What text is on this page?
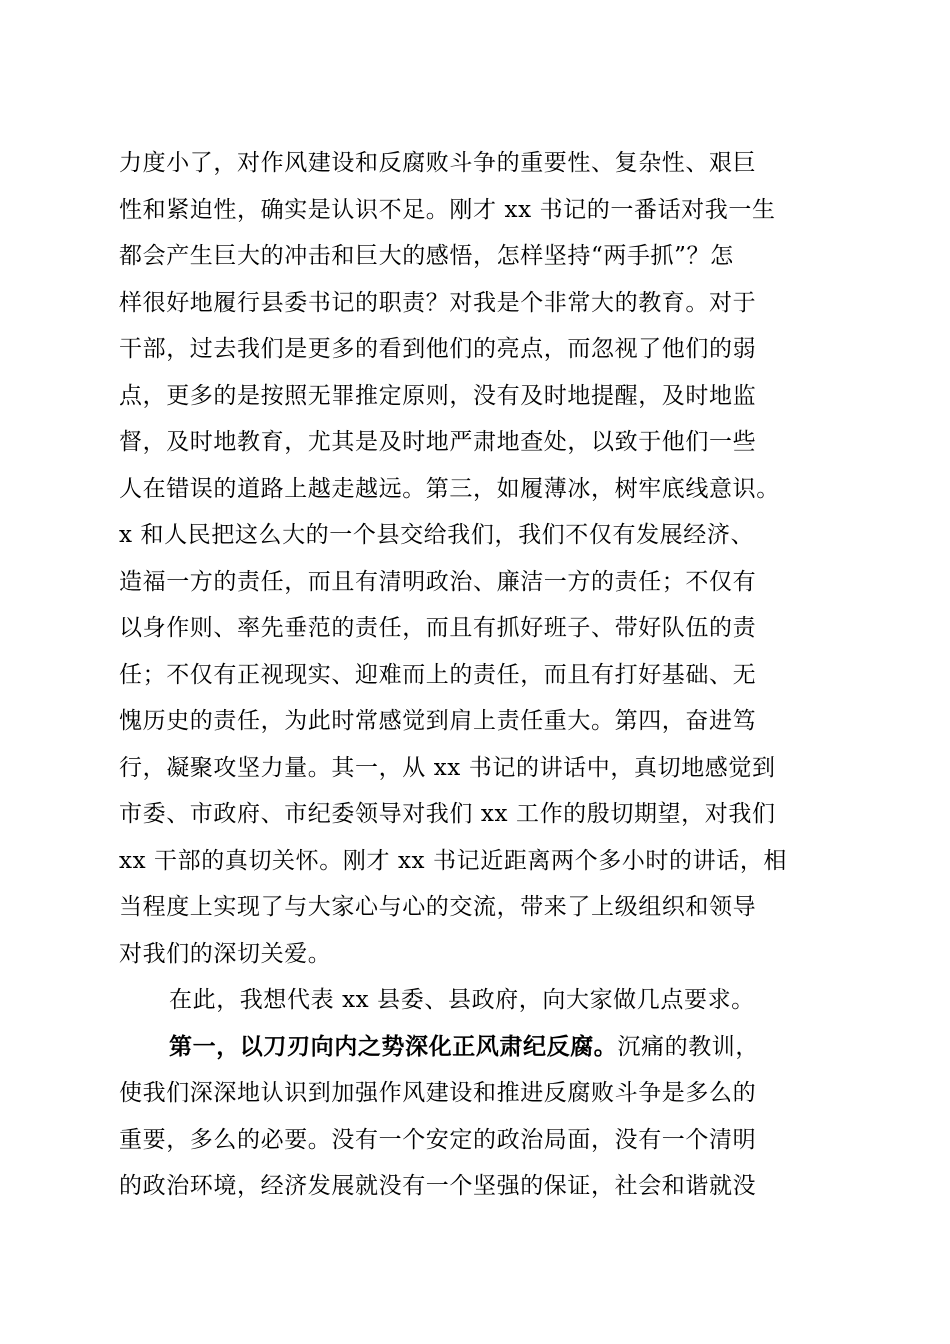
力度小了，对作风建设和反腐败斗争的重要性、复杂性、艰巨
性和紧迫性，确实是认识不足。刚才 xx 书记的一番话对我一生
都会产生巨大的冲击和巨大的感悟，怎样坚持“两手抓”？怎
样很好地履行县委书记的职责？对我是个非常大的教育。对于
干部，过去我们是更多的看到他们的亮点，而忽视了他们的弱
点，更多的是按照无罪推定原则，没有及时地提醒，及时地监
督，及时地教育，尤其是及时地严肃地查处，以致于他们一些
人在错误的道路上越走越远。第三，如履薄冰，树牢底线意识。
x 和人民把这么大的一个县交给我们，我们不仅有发展经济、
造福一方的责任，而且有清明政治、廉洁一方的责任；不仅有
以身作则、率先垂范的责任，而且有抓好班子、带好队伍的责
任；不仅有正视现实、迎难而上的责任，而且有打好基础、无
愧历史的责任，为此时常感觉到肩上责任重大。第四，奋进笃
行，凝聚攻坚力量。其一，从 xx 书记的讲话中，真切地感觉到
市委、市政府、市纪委领导对我们 xx 工作的殷切期望，对我们
xx 干部的真切关怀。刚才 xx 书记近距离两个多小时的讲话，相
当程度上实现了与大家心与心的交流，带来了上级组织和领导
对我们的深切关爱。
在此，我想代表 xx 县委、县政府，向大家做几点要求。
第一，以刀刃向内之势深化正风肃纪反腐。沉痛的教训，
使我们深深地认识到加强作风建设和推进反腐败斗争是多么的
重要，多么的必要。没有一个安定的政治局面，没有一个清明
的政治环境，经济发展就没有一个坚强的保证，社会和谐就没
